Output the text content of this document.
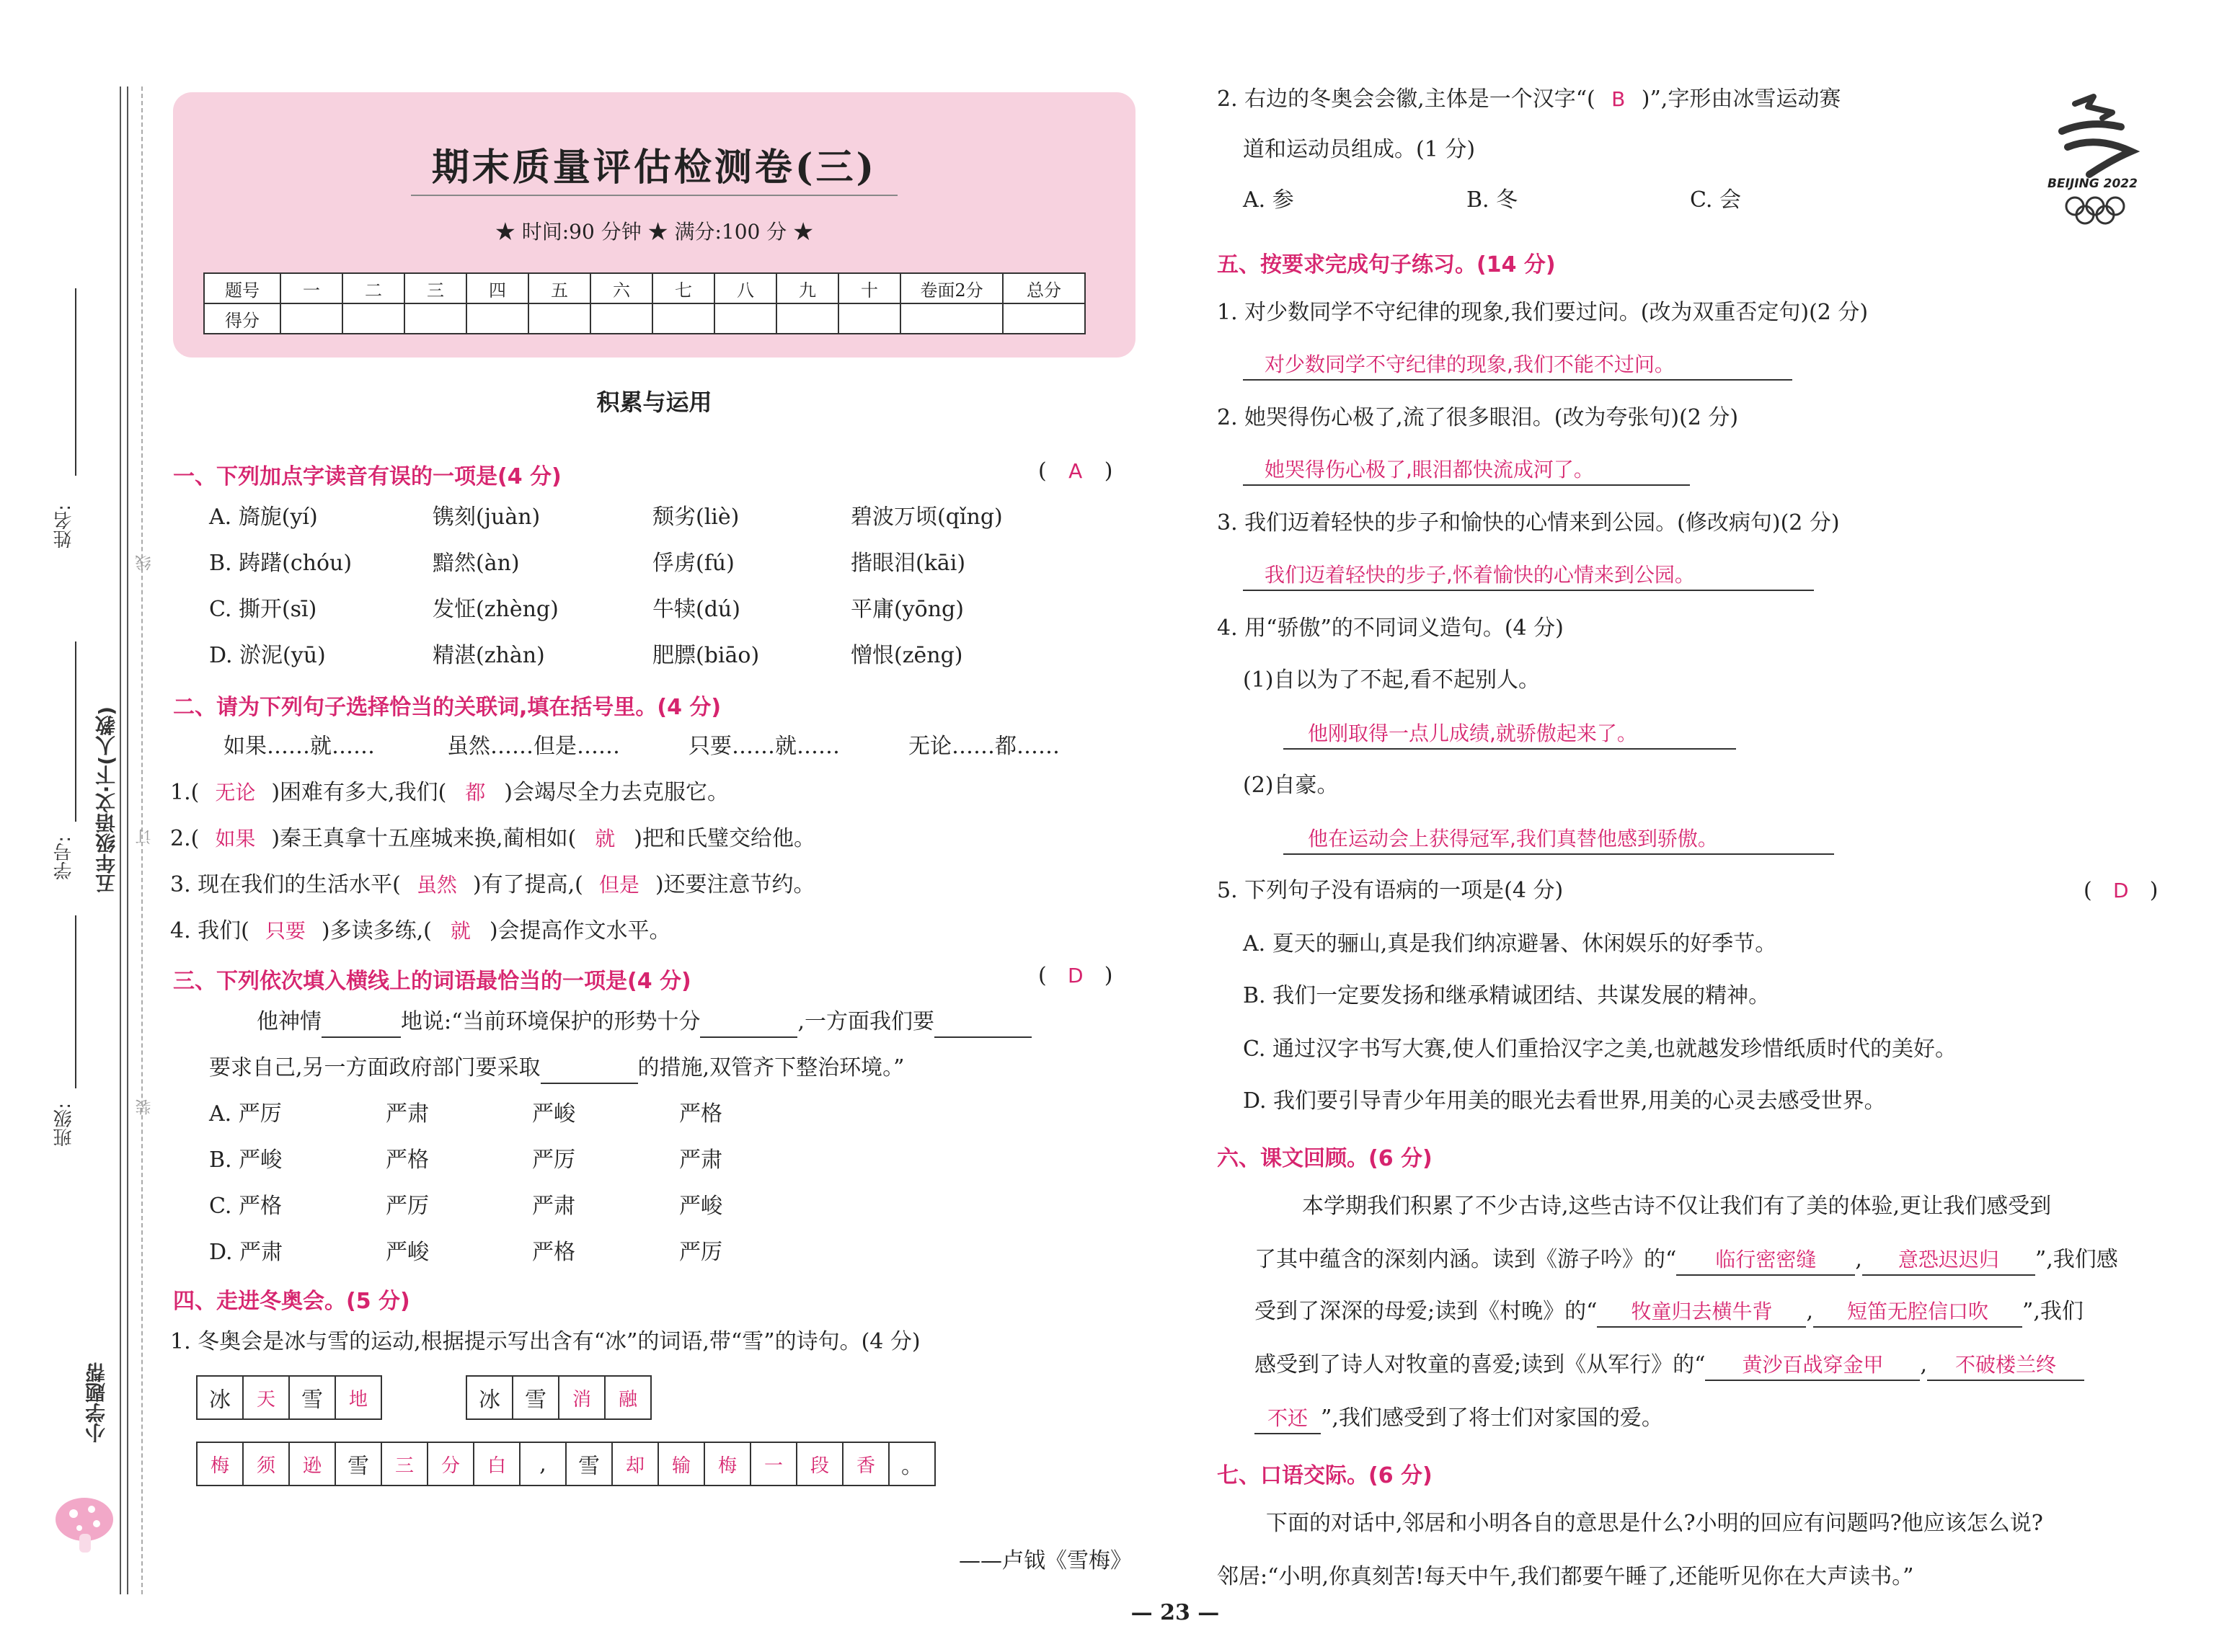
姓名:
线
学号: 五年级语文·下(人教) 订
班级:	装
小学题帮
期末质量评估检测卷(三)
★ 时间:90 分钟 ★ 满分:100 分 ★
题号	一	二	三	四	五	六	七	八	九	十	卷面2分	总分
得分												
积累与运用
一、下列加点字读音有误的一项是(4 分)	( A )
A. 旖旎(yí)	镌刻(juàn)	颓劣(liè)	碧波万顷(qǐng)
B. 踌躇(chóu)	黯然(àn)	俘虏(fú)	揩眼泪(kāi)
C. 撕开(sī)	发怔(zhèng)	牛犊(dú)	平庸(yōng)
D. 淤泥(yū)	精湛(zhàn)	肥膘(biāo)	憎恨(zēng)
二、请为下列句子选择恰当的关联词,填在括号里。(4 分)
如果……就……	虽然……但是……	只要……就……	无论……都……
1.( 无论 )困难有多大,我们( 都 )会竭尽全力去克服它。
2.( 如果 )秦王真拿十五座城来换,蔺相如( 就 )把和氏璧交给他。
3. 现在我们的生活水平( 虽然 )有了提高,( 但是 )还要注意节约。
4. 我们( 只要 )多读多练,( 就 )会提高作文水平。
三、下列依次填入横线上的词语最恰当的一项是(4 分)	( D )
他神情	地说:“当前环境保护的形势十分	,一方面我们要
要求自己,另一方面政府部门要采取	的措施,双管齐下整治环境。”
A. 严厉	严肃	严峻	严格
B. 严峻	严格	严厉	严肃
C. 严格	严厉	严肃	严峻
D. 严肃	严峻	严格	严厉
四、走进冬奥会。(5 分)
1. 冬奥会是冰与雪的运动,根据提示写出含有“冰”的词语,带“雪”的诗句。(4 分)
冰	天	雪	地	冰	雪	消	融
梅	须	逊	雪	三	分	白	,	雪	却	输	梅	一	段	香	。
——卢钺《雪梅》
2. 右边的冬奥会会徽,主体是一个汉字“( B )”,字形由冰雪运动赛
道和运动员组成。(1 分)
A. 参	B. 冬	C. 会
BEIJING 2022
五、按要求完成句子练习。(14 分)
1. 对少数同学不守纪律的现象,我们要过问。(改为双重否定句)(2 分)
对少数同学不守纪律的现象,我们不能不过问。
2. 她哭得伤心极了,流了很多眼泪。(改为夸张句)(2 分)
她哭得伤心极了,眼泪都快流成河了。
3. 我们迈着轻快的步子和愉快的心情来到公园。(修改病句)(2 分)
我们迈着轻快的步子,怀着愉快的心情来到公园。
4. 用“骄傲”的不同词义造句。(4 分)
(1)自以为了不起,看不起别人。
他刚取得一点儿成绩,就骄傲起来了。
(2)自豪。
他在运动会上获得冠军,我们真替他感到骄傲。
5. 下列句子没有语病的一项是(4 分)	( D )
A. 夏天的骊山,真是我们纳凉避暑、休闲娱乐的好季节。
B. 我们一定要发扬和继承精诚团结、共谋发展的精神。
C. 通过汉字书写大赛,使人们重拾汉字之美,也就越发珍惜纸质时代的美好。
D. 我们要引导青少年用美的眼光去看世界,用美的心灵去感受世界。
六、课文回顾。(6 分)
本学期我们积累了不少古诗,这些古诗不仅让我们有了美的体验,更让我们感受到
了其中蕴含的深刻内涵。读到《游子吟》的“ 临行密密缝 , 意恐迟迟归 ”,我们感
受到了深深的母爱;读到《村晚》的“ 牧童归去横牛背 , 短笛无腔信口吹 ”,我们
感受到了诗人对牧童的喜爱;读到《从军行》的“ 黄沙百战穿金甲 , 不破楼兰终
不还 ”,我们感受到了将士们对家国的爱。
七、口语交际。(6 分)
下面的对话中,邻居和小明各自的意思是什么?小明的回应有问题吗?他应该怎么说?
邻居:“小明,你真刻苦!每天中午,我们都要午睡了,还能听见你在大声读书。”
— 23 —
